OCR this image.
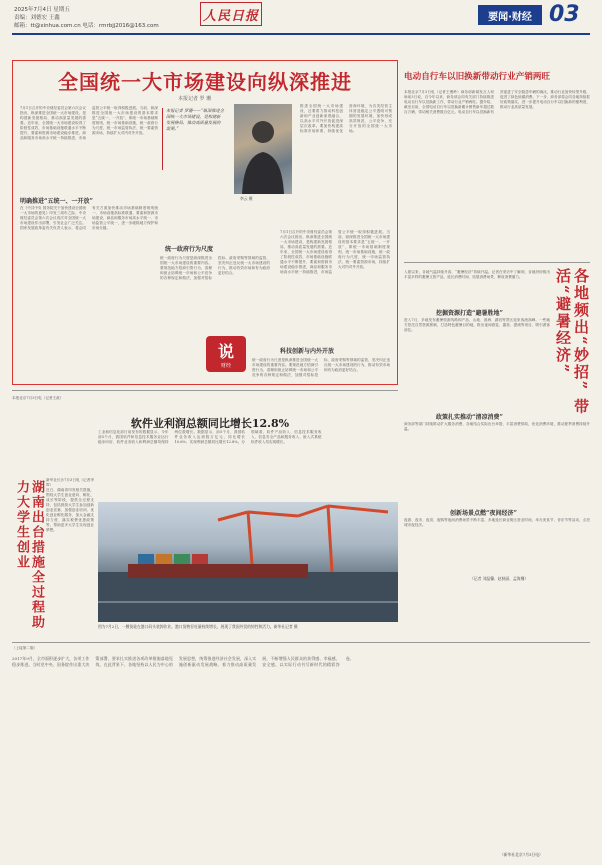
2025年7月4日 星期五
责编：刘德宏 王鑫
邮箱：tt@xinhua.com.cn 电话：rmrbjj2016@163.com
人民日报	要闻·财经 03
全国统一大市场建设向纵深推进
本报记者 罗 珊
7月1日召开的中央财经委员会第六次会议指出，纵深推进全国统一大市场建设，是构建新发展格局、推动高质量发展的需要。近年来，全国统一大市场建设取得了阶段性成效，市场基础设施联通水平不断提升，要素和资源市场建设稳步推进，商品和服务市场高水平统一持续推进，市场监管公平统一取得积极进展。当前，纵深推进全国统一大市场建设的基本要求是“五统一、一开放”，即统一市场基础制度规则，统一市场基础设施，统一政府行为尺度，统一市场监管执法，统一要素资源市场，持续扩大对内对外开放。
本报记者 罗珊——“纵深推进全国统一大市场建设，是构建新发展格局、推动高质量发展的需要。”
李云 摄
推进全国统一大市场建设，还要着力推动科技创新和产业创新深度融合，以高水平对外开放促进深层次改革。要加快构建高标准市场体系，持续优化营商环境，为各类经营主体营造稳定公平透明可预期的发展环境，加快形成高效规范、公平竞争、充分开放的全国统一大市场。
明确推进“五统一、一开放”
在《中共中央 国务院关于加快建设全国统一大市场的意见》印发三周年之际，中央财经委员会第六次会议再次对全国统一大市场建设作出部署，引发社会广泛关注。国家发展改革委有关负责人表示，将会同有关方面加快推动市场基础制度规则统一、市场设施高标准联通、要素和资源市场建设、商品和服务市场高水平统一、市场监管公平统一，进一步破除地方保护和市场分割。
统一政府行为尺度
统一政府行为尺度是纵深推进全国统一大市场建设的重要内容。要规范地方招商引资行为，清理和废止妨碍统一市场和公平竞争的各种规定和做法，加强对招标投标、政府采购等领域的监管，坚决纠正违反统一大市场建设的行为，推动有效市场和有为政府更好结合。
说
财经
科技创新与内外开放
7月1日召开的中央财经委员会第六次会议指出，纵深推进全国统一大市场建设，是构建新发展格局、推动高质量发展的需要。近年来，全国统一大市场建设取得了阶段性成效，市场基础设施联通水平不断提升，要素和资源市场建设稳步推进，商品和服务市场高水平统一持续推进，市场监管公平统一取得积极进展。当前，纵深推进全国统一大市场建设的基本要求是“五统一、一开放”，即统一市场基础制度规则，统一市场基础设施，统一政府行为尺度，统一市场监管执法，统一要素资源市场，持续扩大对内对外开放。
统一政府行为尺度是纵深推进全国统一大市场建设的重要内容。要规范地方招商引资行为，清理和废止妨碍统一市场和公平竞争的各种规定和做法，加强对招标投标、政府采购等领域的监管，坚决纠正违反统一大市场建设的行为，推动有效市场和有为政府更好结合。
电动自行车以旧换新带动行业产销两旺
本报北京7月3日电（记者王俊岭）商务部新闻发言人何咏前3日说，自今年以来，商务部会同有关部门持续推进电动自行车以旧换新工作，带动行业产销两旺。据介绍，截至目前，全国电动自行车以旧换新累计销售新车超过数百万辆，带动相关消费数百亿元。电动自行车以旧换新有效促进了安全隐患车辆的淘汰，推动行业加快转型升级，促进了绿色低碳消费。下一步，商务部将会同各地持续抓好政策落实，进一步提升电动自行车以旧换新的便利度，推动行业高质量发展。
各地频出“妙招” 带活“避暑经济”
入夏以来，各地气温持续升高，“避暑经济”持续升温。记者在采访中了解到，各地纷纷推出丰富多样的避暑文旅产品，延长消费时间、拓展消费场景，释放消费潜力。
挖掘资源打造“避暑胜地”
进入7月，多地发布避暑旅游线路和产品，山地、滨海、湖泊等景区迎来客流高峰。一些地方依托自然资源禀赋，打造特色避暑目的地，推出夜间游览、露营、漂流等项目，吸引游客前往。
政策扎实推动“清凉消费”
商务部等部门持续推动扩大服务消费，各地结合实际出台举措，丰富消费供给，优化消费环境，推动夏季消费持续升温。
创新场景点燃“夜间经济”
夜游、夜市、夜食、夜购等夜间消费场景不断丰富，多地延长商业街区营业时间，举办美食节、音乐节等活动，点亮城市夜经济。
（记者 刘温馨、赵秋丽、孟海鹰）
本报北京7月3日电（记者王政）
软件业利润总额同比增长12.8%
工业和信息化部日前发布的数据显示，今年前5个月，我国软件和信息技术服务业运行稳步向好，软件业务收入和利润总额均保持两位数增长。数据显示，前5个月，我国软件业务收入达到数万亿元，同比增长10.6%；实现利润总额同比增长12.8%。分领域看，软件产品收入、信息技术服务收入、信息安全产品和服务收入、嵌入式系统软件收入均实现增长。
图为7月2日，一艘货轮在港口码头装卸作业。港口货物吞吐量持续增长，展现了我国外贸的韧性和活力。新华社记者 摄
湖南出台措施全过程助力大学生创业	新华社长沙7月3日电（记者李霞）
近日，湖南省印发相关措施，围绕大学生创业意向、孵化、成长等阶段，提供全过程支持，包括鼓励大学生参加创新创业竞赛、加强创业培训、优化创业孵化服务、加大金融支持力度、落实税费优惠政策等，帮助更多大学生实现创业梦想。
（上接第二版）
2017年9月，全市面积逐步扩大，各项工作稳步推进。当时党中央、国务院作出重大决策部署，要求扎实推进各项改革措施落地见效。在此背景下，各地坚持以人民为中心的发展思想，统筹推进经济社会发展，深入实施创新驱动发展战略，着力推动高质量发展，不断增强人民群众的获得感、幸福感、安全感，以实际行动书写新时代的精彩答卷。
（新华社北京7月3日电）
